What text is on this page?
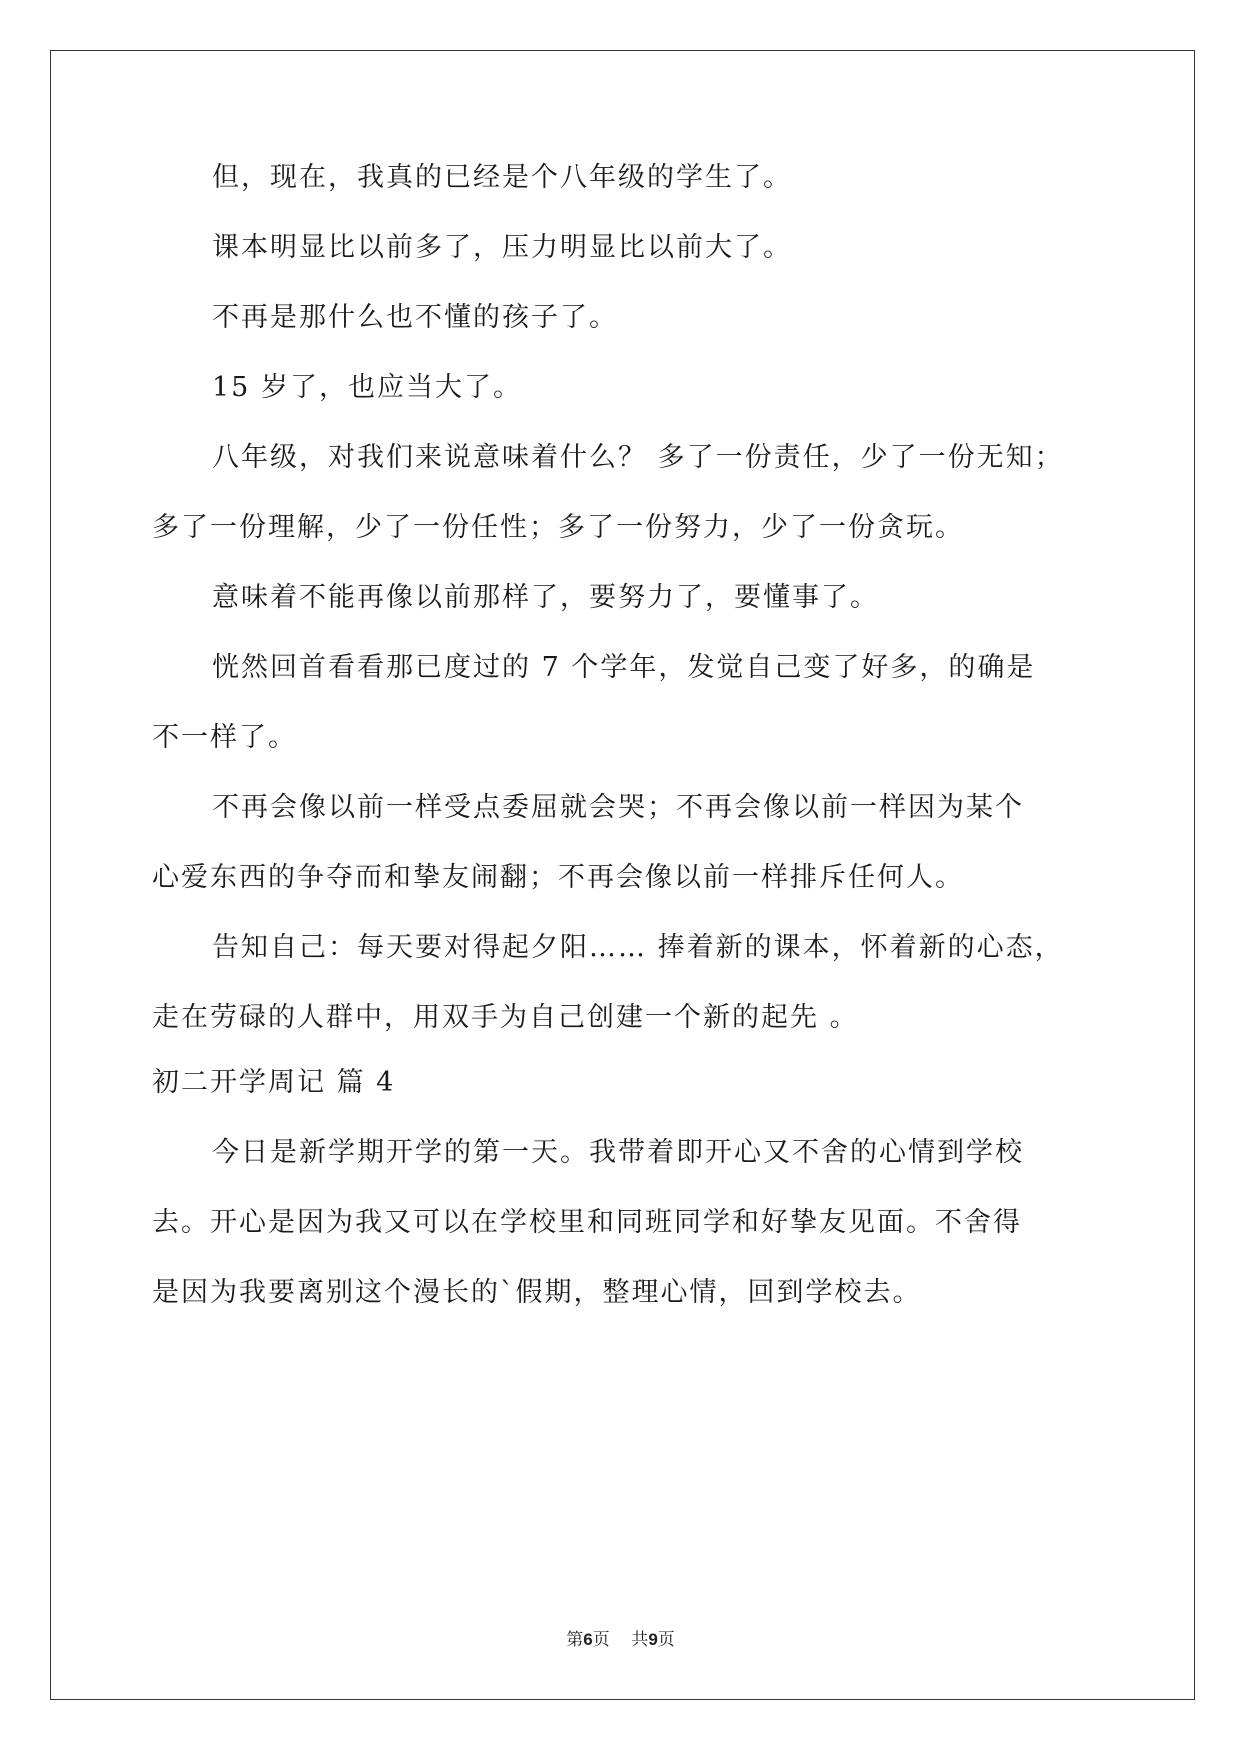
但，现在，我真的已经是个八年级的学生了。
课本明显比以前多了，压力明显比以前大了。
不再是那什么也不懂的孩子了。
15 岁了，也应当大了。
八年级，对我们来说意味着什么？ 多了一份责任，少了一份无知；
多了一份理解，少了一份任性；多了一份努力，少了一份贪玩。
意味着不能再像以前那样了，要努力了，要懂事了。
恍然回首看看那已度过的 7 个学年，发觉自己变了好多，的确是
不一样了。
不再会像以前一样受点委屈就会哭；不再会像以前一样因为某个
心爱东西的争夺而和挚友闹翻；不再会像以前一样排斥任何人。
告知自己：每天要对得起夕阳…… 捧着新的课本，怀着新的心态，
走在劳碌的人群中，用双手为自己创建一个新的起先 。
初二开学周记 篇 4
今日是新学期开学的第一天。我带着即开心又不舍的心情到学校
去。开心是因为我又可以在学校里和同班同学和好挚友见面。不舍得
是因为我要离别这个漫长的`假期，整理心情，回到学校去。
第6页    共9页
